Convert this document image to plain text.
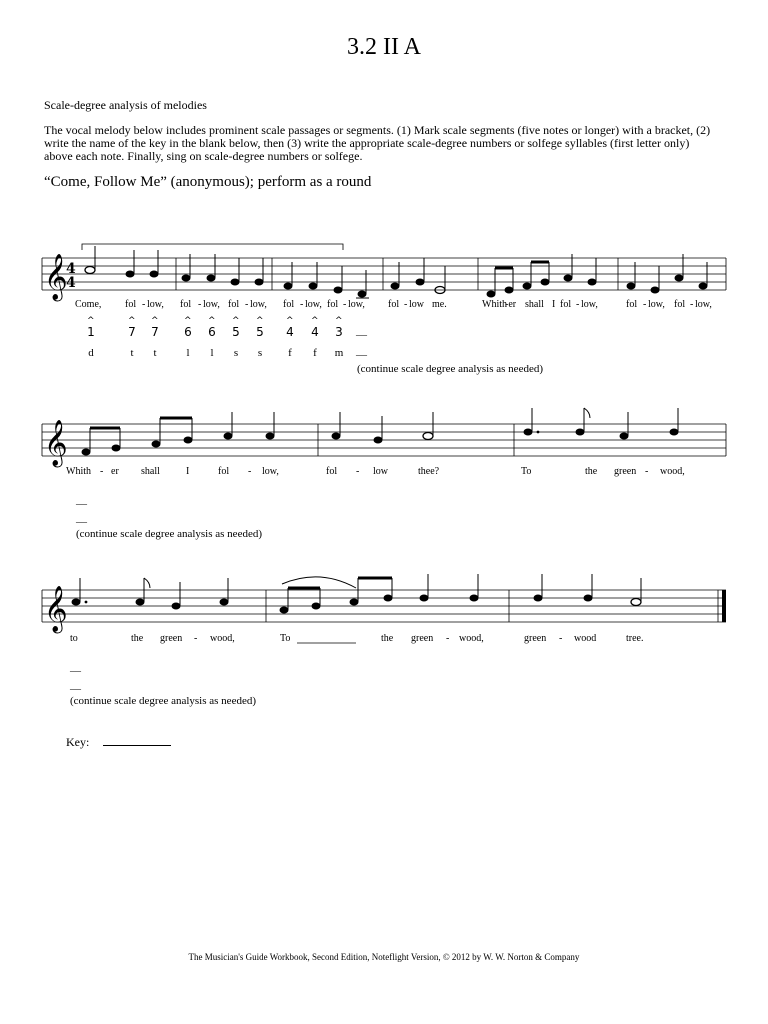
3.2 II A
Scale-degree analysis of melodies
The vocal melody below includes prominent scale passages or segments. (1) Mark scale segments (five notes or longer) with a bracket, (2) write the name of the key in the blank below, then (3) write the appropriate scale-degree numbers or solfege syllables (first letter only) above each note. Finally, sing on scale-degree numbers or solfege.
“Come, Follow Me” (anonymous); perform as a round
𝄞
4
4
𝄞
𝄞
^	^ ^	^ ^ ^ ^ ^ ^ ^
Come, fol - low, fol - low, fol - low, fol - low, fol - low, fol - low me.	Whith
-er shall I fol - low,	fol - low, fol - low,
1	7 7 6 6 5 5 4 4 3 __
d	t	t	l	l	s	s	f	f	m __
(continue scale degree analysis as needed)
Whith - er shall	I	fol - low,	fol - low	thee?	To	the green - wood,
__
__
(continue scale degree analysis as needed)
to	the green - wood,	To	the green - wood,	green - wood	tree.
__
__
(continue scale degree analysis as needed)
Key:
The Musician's Guide Workbook, Second Edition, Noteflight Version, © 2012 by W. W. Norton & Company
